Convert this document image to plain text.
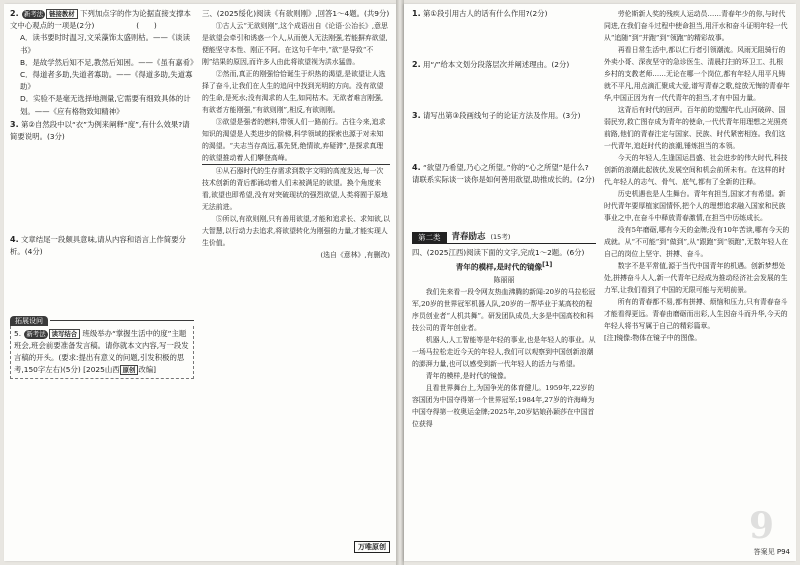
2. 新考法 链接教材 下列加点字的作为论据直接支撑本文中心观点的一项是(2分)	(　　)

A．读书要时时温习,文采藻饰太盛则枯。——《谈读书》

B．是故学然后知不足,教然后知困。——《虽有嘉肴》

C．得道者多助,失道者寡助。——《得道多助,失道寡助》

D．实验不是毫无选择地测量,它需要有细致具体的计划。——《应有格物致知精神》

3. 第②自然段中以“衣”为例来阐释“度”,有什么效果?请简要说明。(3分)

4. 文章结尾一段颇具意味,请从内容和语言上作简要分析。(4分)

拓展设问

5. 新考法 读写结合 班级举办“掌握生活中的度”主题班会,班会前要准备发言稿。请你就本文内容,写一段发言稿的开头。(要求:提出有意义的问题,引发积极的思考,150字左右)(5分) [2025山西 原创 改编]

三、(2025绥化)阅读《有欲则刚》,回答1～4题。(共9分)

①古人云“无欲则刚”,这个成语出自《论语·公冶长》,意思是欲望会牵引和诱惑一个人,从而使人无法刚强,若能摒弃欲望,便能坚守本性、刚正不阿。在这句千年中,“欲”是导致“不刚”结果的原因,而许多人由此将欲望视为洪水猛兽。

②然而,真正的刚强恰恰诞生于炽热的渴望,是欲望让人选择了奋斗,让我们在人生的追问中找到光明的方向。没有欲望的生命,是死水;没有渴求的人生,如同枯木。无欲者难言刚强,有欲者方能刚强,“有欲则刚”,相反,有欲则刚。

③欲望是强者的燃料,带领人们一路前行。古往今来,追求知识的渴望是人类进步的阶梯,科学领域的探索也源于对未知的渴望。“夫志当存高远,慕先贤,绝情欲,弃疑滞”,是探求真理的欲望推动着人们攀登高峰。

④从石器时代的生存需求到数字文明的高度发达,每一次技术创新的背后都涌动着人们未被满足的欲望。换个角度来看,欲望也即希望,没有对突破现状的强烈欲望,人类将囿于原地无法前进。

⑤所以,有欲则刚,只有善用欲望,才能和追求长、求知欲,以大智慧,以行动力去追求,将欲望转化为刚强的力量,才能实现人生价值。

(选自《意林》,有删改)

万唯原创

1. 第①段引用古人的话有什么作用?(2分)

2. 用“/”给本文划分段落层次并阐述理由。(2分)

3. 请写出第③段画线句子的论证方法及作用。(3分)

4. “欲望乃希望,乃心之所望。”你的“心之所望”是什么?请联系实际谈一谈你是如何善用欲望,助推成长的。(2分)

第二类	青春励志 (15考)

四、(2025江西)阅读下面的文字,完成1～2题。(6分)

青年的模样,是时代的镜像[1]

陈丽丽

我们先来看一段令网友热血沸腾的新闻:20岁的马拉松冠军,20岁的世界冠军机器人队,20岁的一帮毕业于某高校的程序员创业者“人机共舞”。研发团队成员,大多是中国高校和科技公司的青年创业者。

机器人,人工智能等是年轻的事业,也是年轻人的事业。从一场马拉松走近今天的年轻人,我们可以观察到中国创新浪潮的澎湃力量,也可以感受到新一代年轻人的活力与希望。

青年的模样,是时代的镜像。

且看世界舞台上,为国争光的体育健儿。1959年,22岁的容国团为中国夺得第一个世界冠军;1984年,27岁的许海峰为中国夺得第一枚奥运金牌;2025年,20岁姑娘孙颖莎在中国首位获得

劳伦斯新人奖的残疾人运动员……青春年少的你,与时代同进,在我们奋斗过程中使命担当,用汗水和奋斗证明年轻一代从“追随”到“并跑”到“领跑”的精彩故事。

再看日常生活中,都以仁行者引领潮流。风雨无阻骑行的外卖小哥、深夜坚守的急诊医生、清晨打扫的环卫工、扎根乡村的支教老师……无论在哪一个岗位,都有年轻人用平凡铸就不平凡,用点滴汇聚成大爱,谱写青春之歌,绽放无悔的青春年华,中国正因为有一代代青年的担当,才有中国力量。

这背后有时代的回声。百年前的觉醒年代,山河破碎、国弱民穷,救亡图存成为青年的使命,一代代青年用理想之光照亮前路,他们的青春注定与国家、民族、时代紧密相连。我们这一代青年,追赶时代的浪潮,锤炼担当的本领。

今天的年轻人,生逢国运昌盛、社会进步的伟大时代,科技创新的浪潮此起彼伏,发展空间和机会前所未有。在这样的时代,年轻人的志气、骨气、底气,都有了全新的注释。

历史机遇也是人生舞台。青年有担当,国家才有希望。新时代青年要厚植家国情怀,把个人的理想追求融入国家和民族事业之中,在奋斗中释放青春激情,在担当中历练成长。

没有5年磨砺,哪有今天的金牌;没有10年苦读,哪有今天的成就。从“不可能”到“做到”,从“跟跑”到“领跑”,无数年轻人在自己的岗位上坚守、拼搏、奋斗。

数字不是平常值,源于当代中国青年的机遇。创新梦想处处,拼搏奋斗人人,新一代青年已经成为推动经济社会发展的生力军,让我们看到了中国的无限可能与光明前景。

所有的青春都不易,都有拼搏、烦恼和压力,只有青春奋斗才能看得更远。青春由磨砺而出彩,人生因奋斗而升华,今天的年轻人将书写属于自己的精彩篇章。

[注]镜像:物体在镜子中的图像。

9
答案见 P94
